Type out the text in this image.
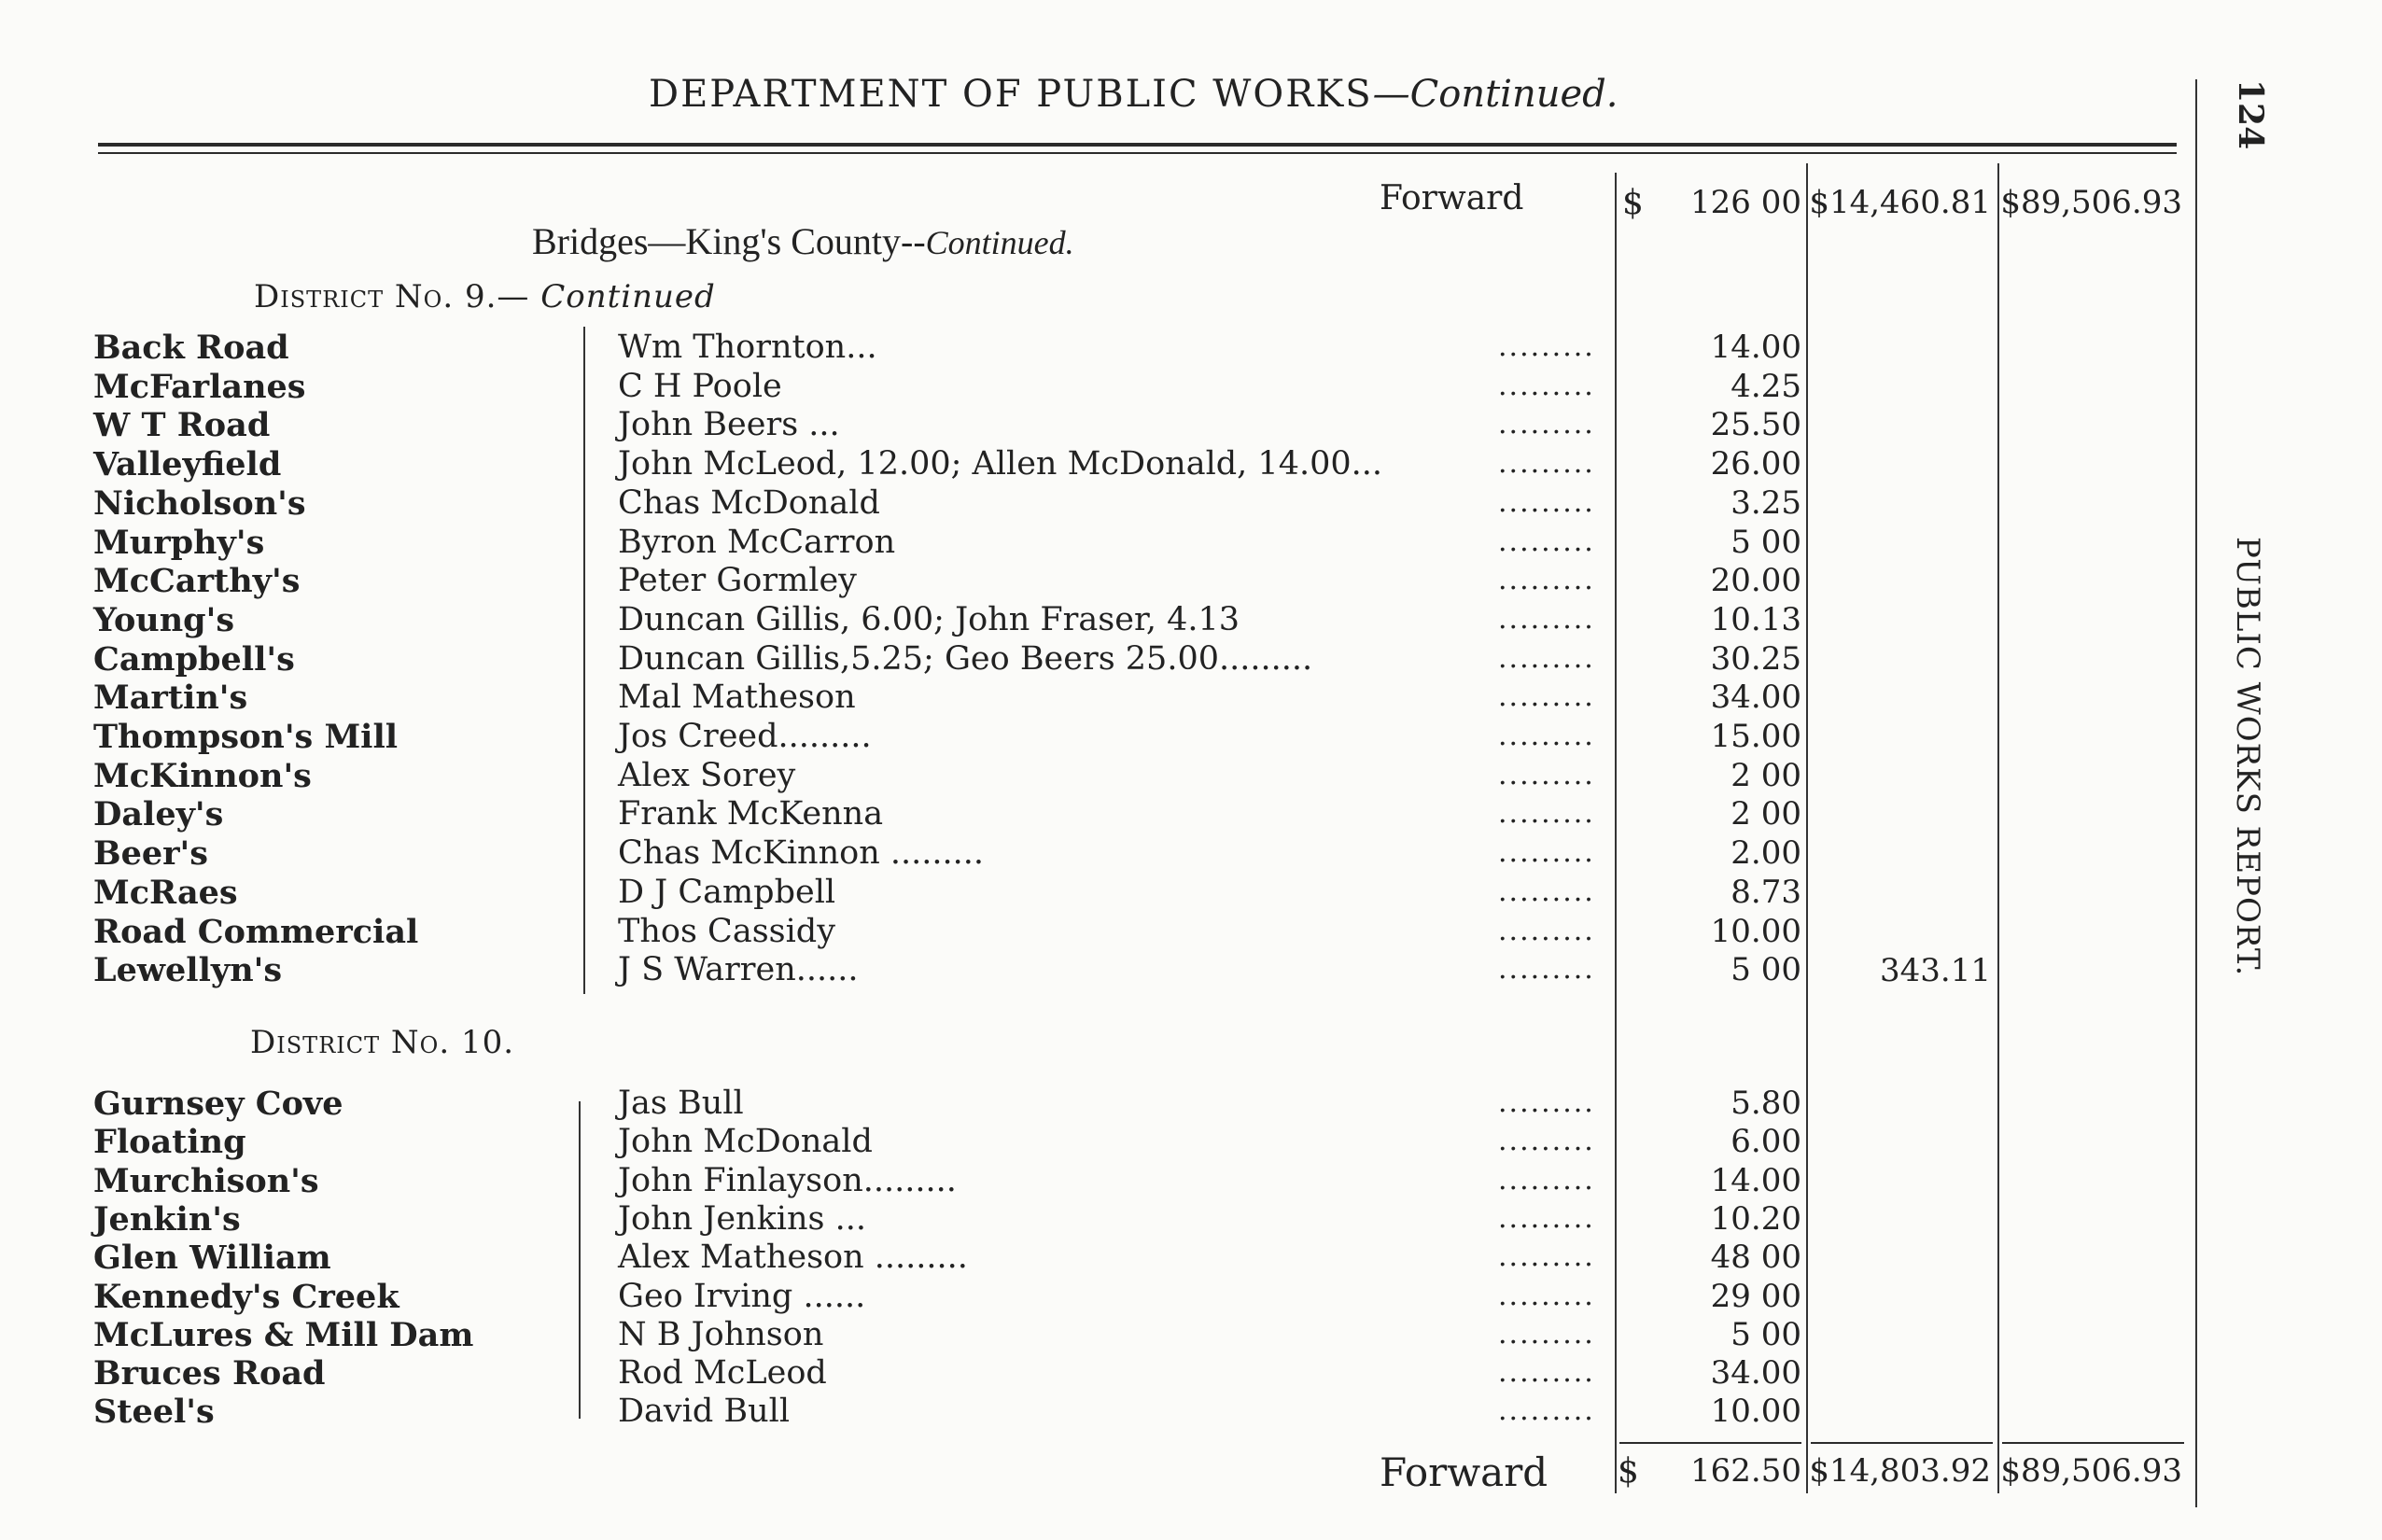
DEPARTMENT OF PUBLIC WORKS—Continued.
PUBLIC WORKS REPORT.
124
Forward	$	126 00 $14,460.81 $89,506.93
Bridges—King's County--Continued.
District No. 9.— Continued
Back Road	Wm Thornton...	.........	14.00
McFarlanes	C H Poole	.........	4.25
W T Road	John Beers ...	.........	25.50
Valleyfield	John McLeod, 12.00; Allen McDonald, 14.00...	.........	26.00
Nicholson's	Chas McDonald	.........	3.25
Murphy's	Byron McCarron	.........	5 00
McCarthy's	Peter Gormley	.........	20.00
Young's	Duncan Gillis, 6.00; John Fraser, 4.13	.........	10.13
Campbell's	Duncan Gillis,5.25; Geo Beers 25.00.........	.........	30.25
Martin's	Mal Matheson	.........	34.00
Thompson's Mill	Jos Creed.........	.........	15.00
McKinnon's	Alex Sorey	.........	2 00
Daley's	Frank McKenna	.........	2 00
Beer's	Chas McKinnon .........	.........	2.00
McRaes	D J Campbell	.........	8.73
Road Commercial	Thos Cassidy	.........	10.00
Lewellyn's	J S Warren......	.........	5 00	343.11
District No. 10.
Gurnsey Cove	Jas Bull	.........	5.80
Floating	John McDonald	.........	6.00
Murchison's	John Finlayson.........	.........	14.00
Jenkin's	John Jenkins ...	.........	10.20
Glen William	Alex Matheson .........	.........	48 00
Kennedy's Creek	Geo Irving ......	.........	29 00
McLures & Mill Dam	N B Johnson	.........	5 00
Bruces Road	Rod McLeod	.........	34.00
Steel's	David Bull	.........	10.00
Forward $	162.50 $14,803.92 $89,506.93
